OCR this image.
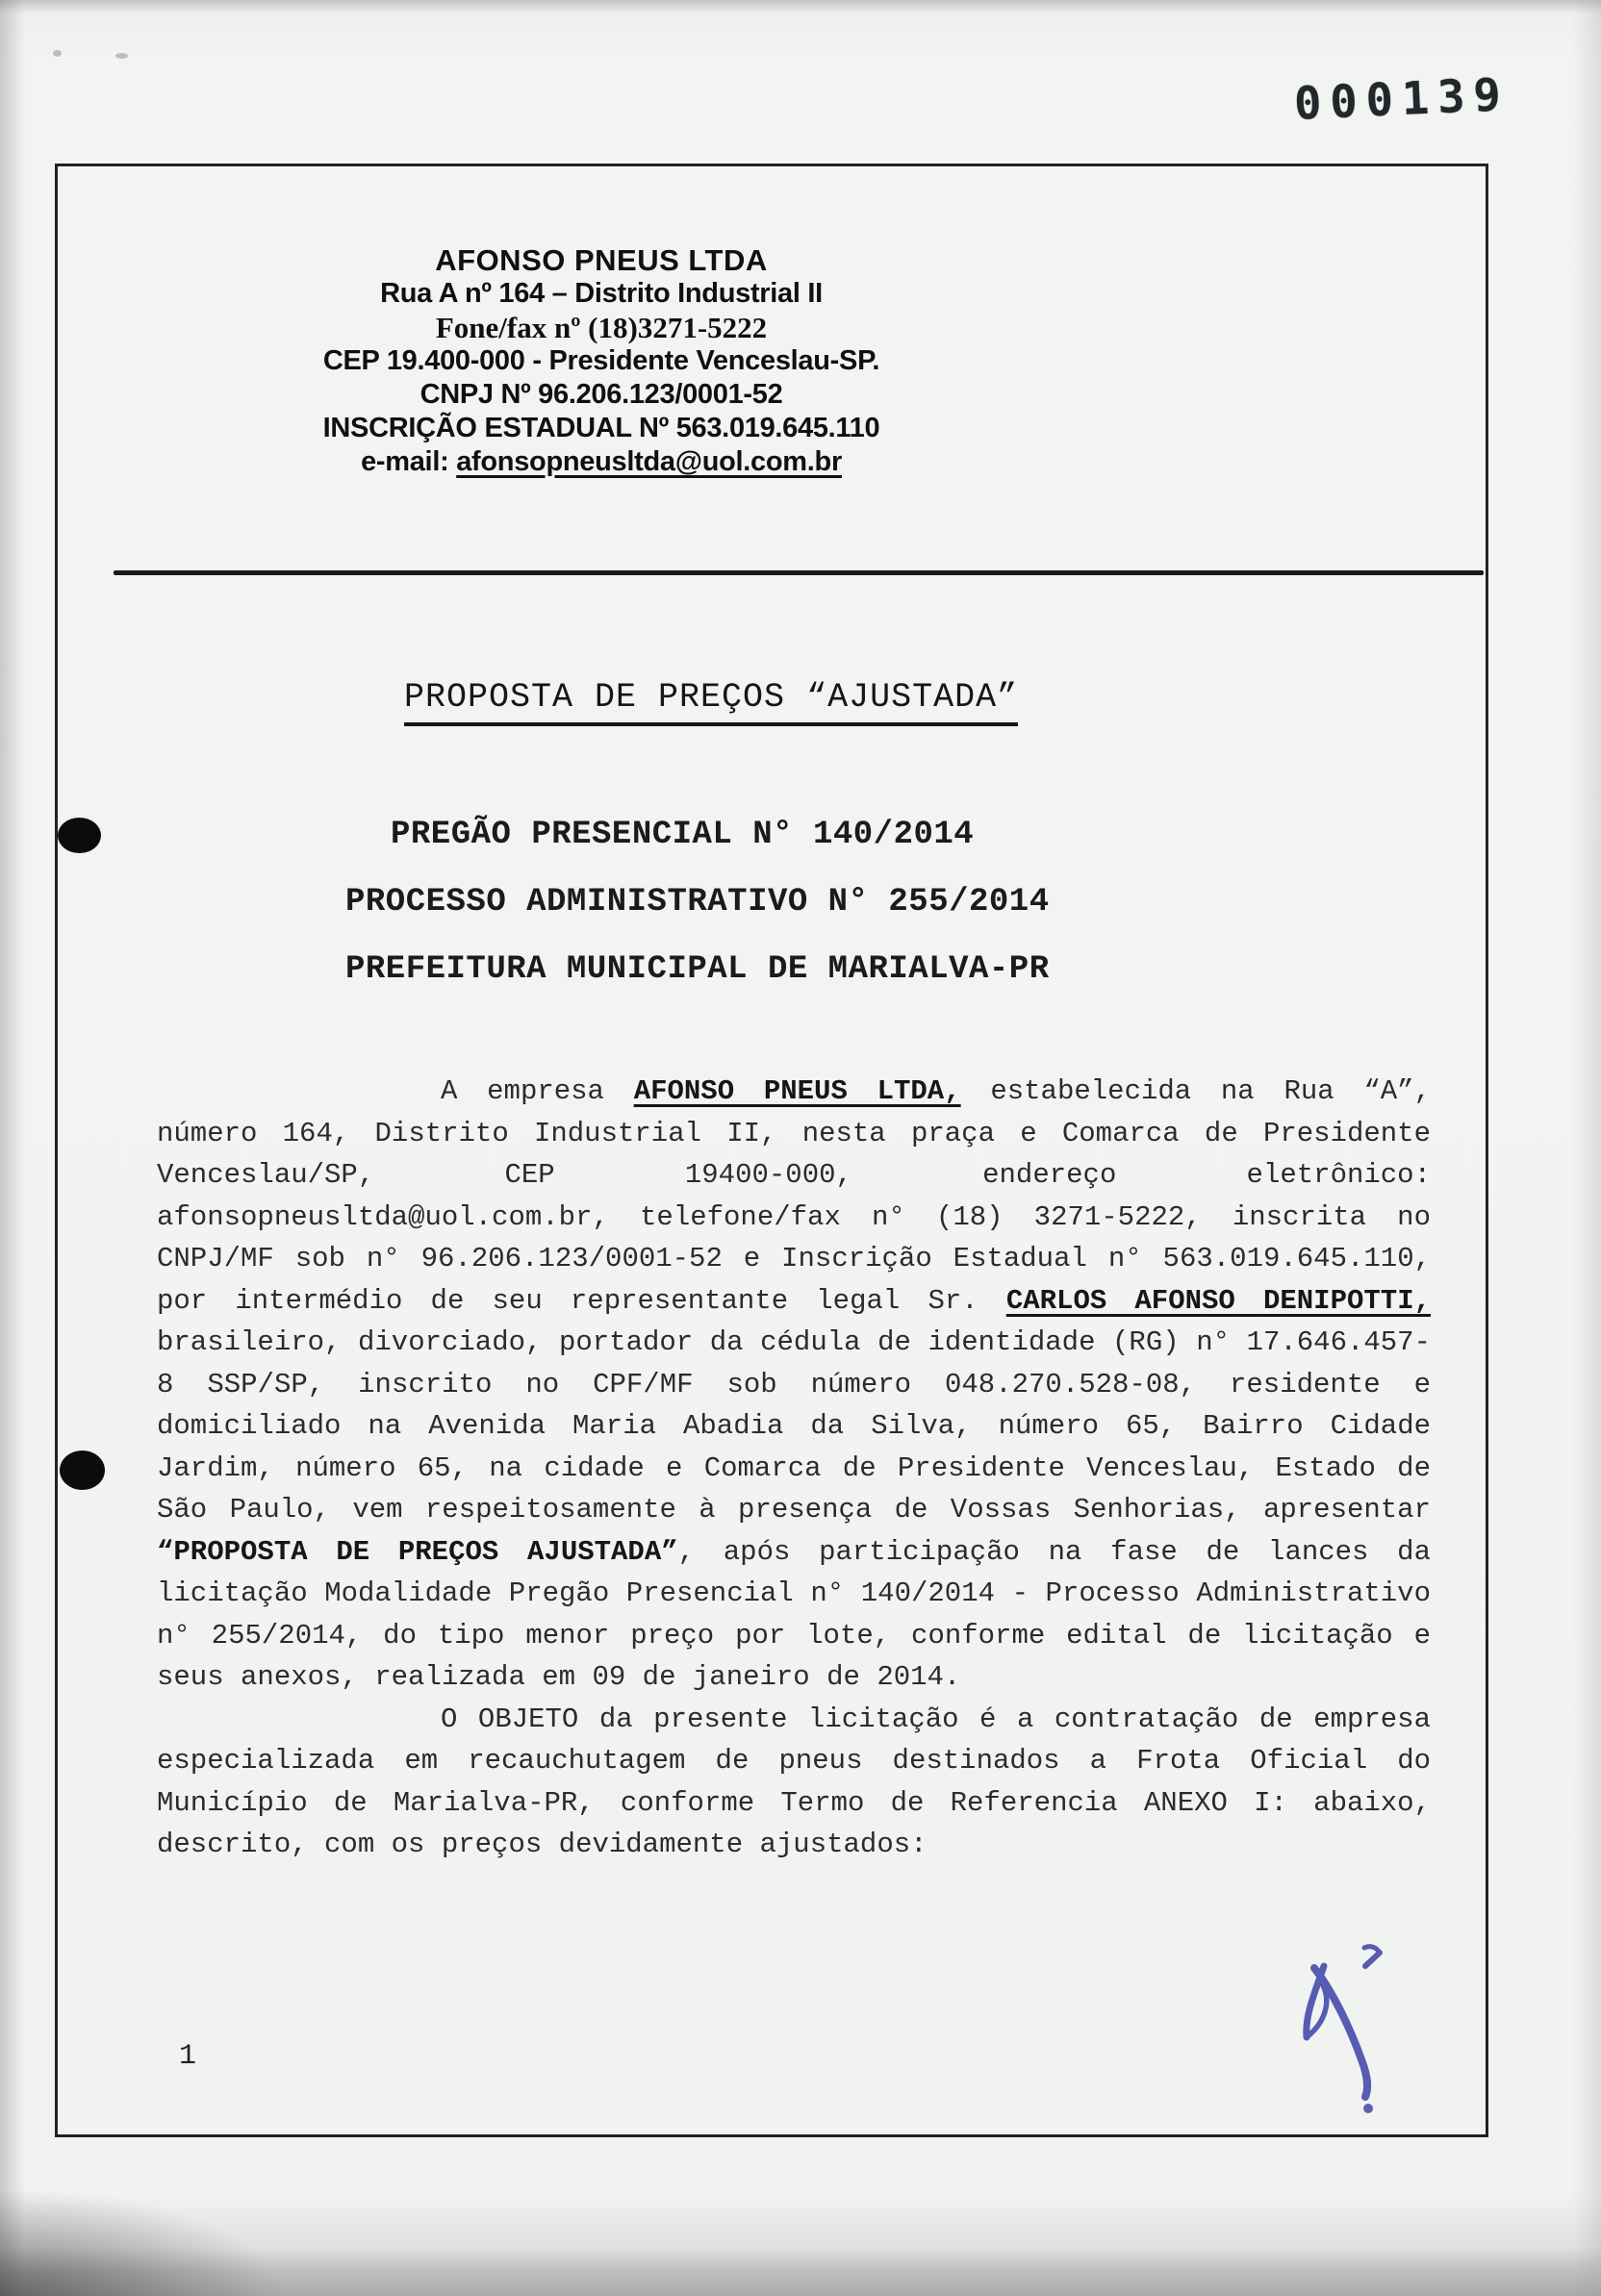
000139
AFONSO PNEUS LTDA
Rua A nº 164 – Distrito Industrial II
Fone/fax nº (18)3271-5222
CEP 19.400-000 - Presidente Venceslau-SP.
CNPJ Nº 96.206.123/0001-52
INSCRIÇÃO ESTADUAL Nº 563.019.645.110
e-mail: afonsopneusltda@uol.com.br
PROPOSTA DE PREÇOS “AJUSTADA”
PREGÃO PRESENCIAL N° 140/2014
PROCESSO ADMINISTRATIVO N° 255/2014
PREFEITURA MUNICIPAL DE MARIALVA-PR

A empresa AFONSO PNEUS LTDA, estabelecida na Rua “A”, número 164, Distrito Industrial II, nesta praça e Comarca de Presidente Venceslau/SP, CEP 19400-000, endereço eletrônico: afonsopneusltda@uol.com.br, telefone/fax n° (18) 3271-5222, inscrita no CNPJ/MF sob n° 96.206.123/0001-52 e Inscrição Estadual n° 563.019.645.110, por intermédio de seu representante legal Sr. CARLOS AFONSO DENIPOTTI, brasileiro, divorciado, portador da cédula de identidade (RG) n° 17.646.457-8 SSP/SP, inscrito no CPF/MF sob número 048.270.528-08, residente e domiciliado na Avenida Maria Abadia da Silva, número 65, Bairro Cidade Jardim, número 65, na cidade e Comarca de Presidente Venceslau, Estado de São Paulo, vem respeitosamente à presença de Vossas Senhorias, apresentar “PROPOSTA DE PREÇOS AJUSTADA”, após participação na fase de lances da licitação Modalidade Pregão Presencial n° 140/2014 - Processo Administrativo n° 255/2014, do tipo menor preço por lote, conforme edital de licitação e seus anexos, realizada em 09 de janeiro de 2014.

O OBJETO da presente licitação é a contratação de empresa especializada em recauchutagem de pneus destinados a Frota Oficial do Município de Marialva-PR, conforme Termo de Referencia ANEXO I: abaixo, descrito, com os preços devidamente ajustados:

1
